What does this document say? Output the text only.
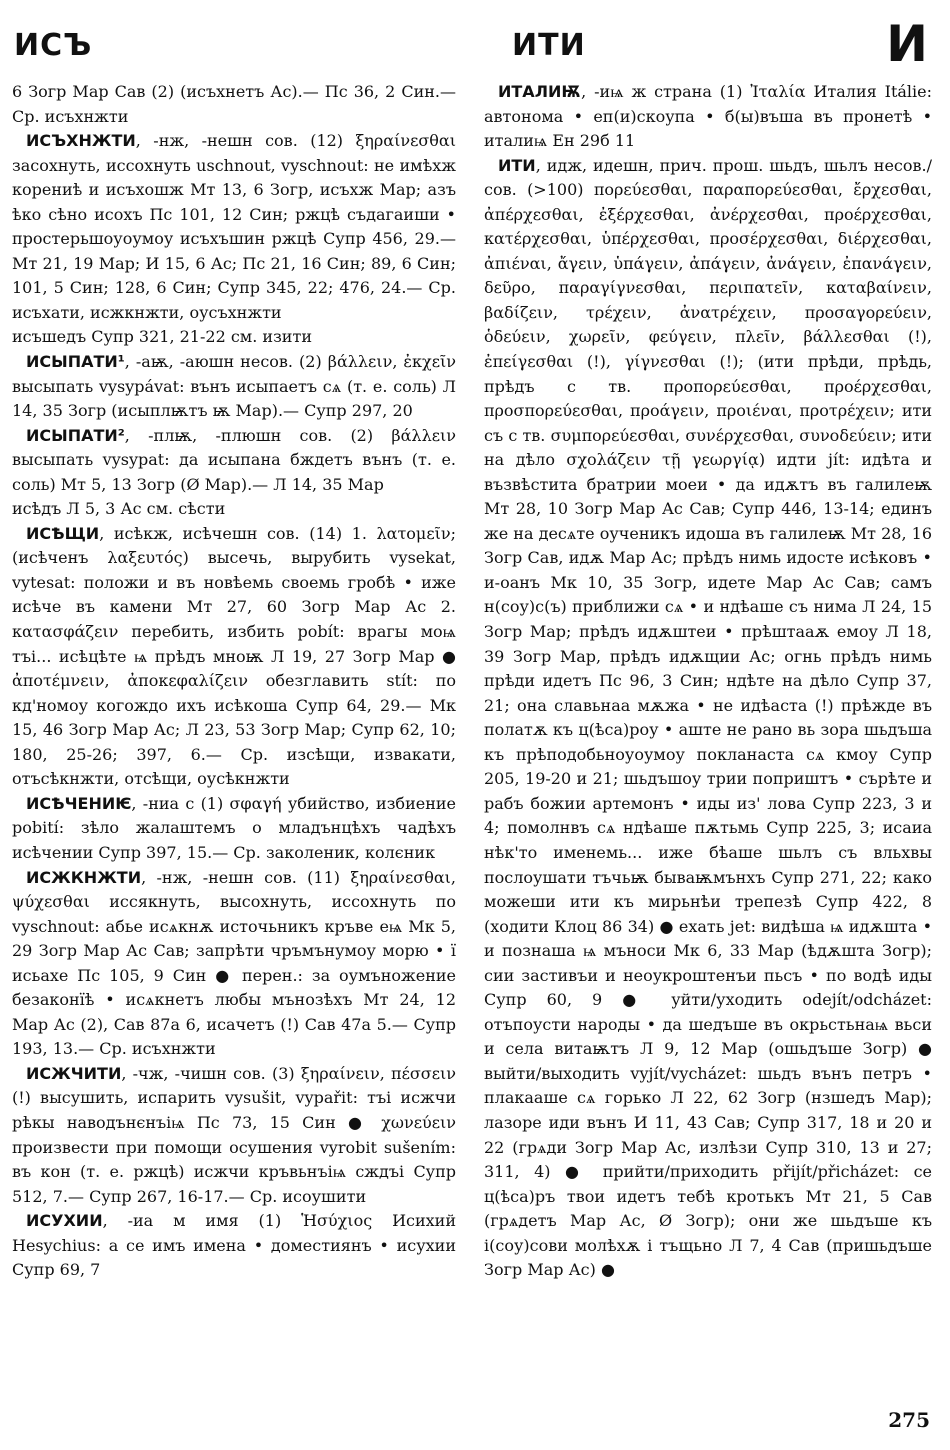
ИСЪ	ИТИ	И

6 Зогр Мар Сав (2) (исъхнетъ Ас).— Пс 36, 2 Син.— Ср. исъхнжти

ИСЪХНЖТИ, -нж, -нешн сов. (12) ξηραίνεσθαι засохнуть, иссохнуть uschnout, vyschnout: не имѣхж корениѣ и исъхошж Мт 13, 6 Зогр, исъхж Мар; азъ ѣко сѣно исохъ Пс 101, 12 Син; ржцѣ съдагаиши • простерьшоуоумоу исъхъшин ржцѣ Супр 456, 29.— Мт 21, 19 Мар; И 15, 6 Ас; Пс 21, 16 Син; 89, 6 Син; 101, 5 Син; 128, 6 Син; Супр 345, 22; 476, 24.— Ср. исъхати, исжкнжти, оусъхнжти

исъшедъ Супр 321, 21-22 см. изити

ИСЫПАТИ¹, -аѭ, -аюшн несов. (2) βάλλειν, ἐκχεῖν высыпать vysypávat: вънъ исыпаетъ сѧ (т. е. соль) Л 14, 35 Зогр (исыплѭтъ ѭ Мар).— Супр 297, 20

ИСЫПАТИ², -плѭ, -плюшн сов. (2) βάλλειν высыпать vysypat: да исыпана бждетъ вънъ (т. е. соль) Мт 5, 13 Зогр (Ø Мар).— Л 14, 35 Мар

исѣдъ Л 5, 3 Ас см. сѣсти

ИСѢЩИ, исѣкж, исѣчешн сов. (14) 1. λατομεῖν; (исѣченъ λαξευτός) высечь, вырубить vysekat, vytesat: положи и въ новѣемь своемь гробѣ • иже исѣче въ камени Мт 27, 60 Зогр Мар Ас 2. κατασφάζειν перебить, избить pobít: врагы моѩ тъі... исѣцѣте ѩ прѣдъ мноѭ Л 19, 27 Зогр Мар ● ἀποτέμνειν, ἀποκεφαλίζειν обезглавить stít: по кд'номоу когождо ихъ исѣкоша Супр 64, 29.— Мк 15, 46 Зогр Мар Ас; Л 23, 53 Зогр Мар; Супр 62, 10; 180, 25-26; 397, 6.— Ср. изсѣщи, извакати, отъсѣкнжти, отсѣщи, оусѣкнжти

ИСѢЧЕНИѤ, -ниа с (1) σφαγή убийство, избиение pobití: зѣло жалаштемъ о младънцѣхъ чадѣхъ исѣчении Супр 397, 15.— Ср. заколеник, колєник

ИСЖКНЖТИ, -нж, -нешн сов. (11) ξηραίνεσθαι, ψύχεσθαι иссякнуть, высохнуть, иссохнуть по vyschnout: абье исѧкнѫ источьникъ кръве еѩ Мк 5, 29 Зогр Мар Ас Сав; запрѣти чръмънумоу морю • ї исьахе Пс 105, 9 Син ● перен.: за оумъножение безаконїѣ • исѧкнетъ любы мънозѣхъ Мт 24, 12 Мар Ас (2), Сав 87а 6, исачетъ (!) Сав 47а 5.— Супр 193, 13.— Ср. исъхнжти

ИСЖЧИТИ, -чж, -чишн сов. (3) ξηραίνειν, πέσσειν (!) высушить, испарить vysušit, vypařit: тъі исжчи рѣкы наводънєнъіѩ Пс 73, 15 Син ● χωνεύειν произвести при помощи осушения vyrobit sušením: въ кон (т. е. ржцѣ) исжчи кръвьнъіѩ сждъі Супр 512, 7.— Супр 267, 16-17.— Ср. исоушити

ИСУХИИ, -иа м имя (1) Ἡσύχιος Исихий Hesychius: а се имъ имена • доместиянъ • исухии Супр 69, 7

ИТАЛИѬ, -иѩ ж страна (1) Ἰταλία Италия Itálie: автонома • еп(и)скоупа • б(ы)въша въ пронетѣ • италиѩ Ен 29б 11

ИТИ, идж, идешн, прич. прош. шьдъ, шьлъ несов./сов. (>100) πορεύεσθαι, παραπορεύεσθαι, ἔρχεσθαι, ἀπέρχεσθαι, ἐξέρχεσθαι, ἀνέρχεσθαι, προέρχεσθαι, κατέρχεσθαι, ὑπέρχεσθαι, προσέρχεσθαι, διέρχεσθαι, ἀπιέναι, ἄγειν, ὑπάγειν, ἀπάγειν, ἀνάγειν, ἐπανάγειν, δεῦρο, παραγίγνεσθαι, περιπατεῖν, καταβαίνειν, βαδίζειν, τρέχειν, ἀνατρέχειν, προσαγορεύειν, ὁδεύειν, χωρεῖν, φεύγειν, πλεῖν, βάλλεσθαι (!), ἐπείγεσθαι (!), γίγνεσθαι (!); (ити прѣди, прѣдь, прѣдъ с тв. προπορεύεσθαι, προέρχεσθαι, προσπορεύεσθαι, προάγειν, προιέναι, προτρέχειν; ити съ с тв. συμπορεύεσθαι, συνέρχεσθαι, συνοδεύειν; ити на дѣло σχολάζειν τῇ γεωργίᾳ) идти jít: идѣта и възвѣстита братрии моеи • да идѫтъ въ галилеѭ Мт 28, 10 Зогр Мар Ас Сав; Супр 446, 13-14; единъ же на десѧте оученикъ идоша въ галилеѭ Мт 28, 16 Зогр Сав, идѫ Мар Ас; прѣдъ нимь идосте исѣковъ • и-оанъ Мк 10, 35 Зогр, идете Мар Ас Сав; самъ н(соу)с(ъ) приближи сѧ • и ндѣаше съ нима Л 24, 15 Зогр Мар; прѣдъ идѫштеи • прѣштааѫ емоу Л 18, 39 Зогр Мар, прѣдъ идѫщии Ас; огнь прѣдъ нимь прѣди идетъ Пс 96, 3 Син; ндѣте на дѣло Супр 37, 21; она славьнаа мѫжа • не идѣаста (!) прѣжде въ полатѫ къ ц(ѣса)роу • аште не рано вь зора шьдъша къ прѣподобьноуоумоу покланаста сѧ кмоу Супр 205, 19-20 и 21; шьдъшоу трии поприштъ • сърѣте и рабъ божии артемонъ • иды из' лова Супр 223, 3 и 4; помолнвъ сѧ ндѣаше пѫтьмь Супр 225, 3; исаиа нѣк'то именемь... иже бѣаше шьлъ съ вльхвы послоушати тъчьѭ бываѭмънхъ Супр 271, 22; како можеши ити къ мирьнѣи трепезѣ Супр 422, 8 (ходити Клоц 86 34) ● ехать jet: видѣша ѩ идѫшта • и познаша ѩ мъноси Мк 6, 33 Мар (ѣдѫшта Зогр); сии застивъи и неоукроштенъи пьсъ • по водѣ иды Супр 60, 9 ● уйти/уходить odejít/odcházet: отъпоусти народы • да шедъше въ окрьстьнаѩ вьси и села витаѭтъ Л 9, 12 Мар (ошьдъше Зогр) ● выйти/выходить vyjít/vycházet: шьдъ вънъ петръ • плакааше сѧ горько Л 22, 62 Зогр (нзшедъ Мар); лазоре иди вънъ И 11, 43 Сав; Супр 317, 18 и 20 и 22 (грѧди Зогр Мар Ас, излѣзи Супр 310, 13 и 27; 311, 4) ● прийти/приходить přijít/přicházet: се ц(ѣса)ръ твои идетъ тебѣ кротькъ Мт 21, 5 Сав (грѧдетъ Мар Ас, Ø Зогр); они же шьдъше къ і(соу)сови молѣхѫ і тъщьно Л 7, 4 Сав (пришьдъше Зогр Мар Ас) ●

275
